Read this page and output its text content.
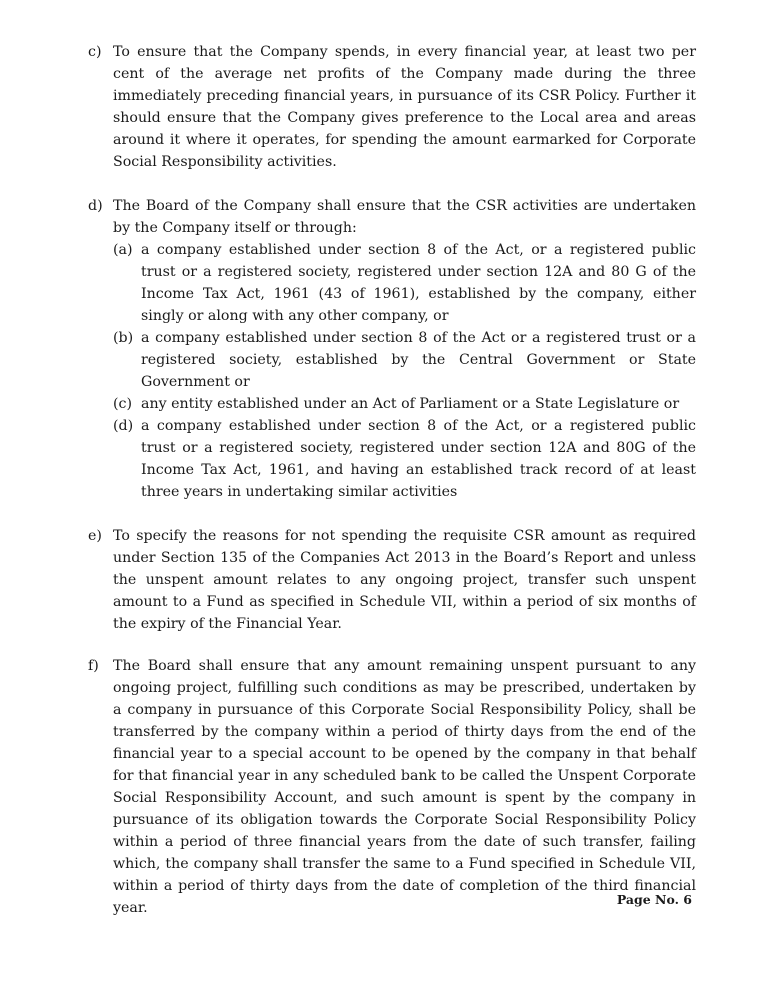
c) To ensure that the Company spends, in every financial year, at least two per cent of the average net profits of the Company made during the three immediately preceding financial years, in pursuance of its CSR Policy. Further it should ensure that the Company gives preference to the Local area and areas around it where it operates, for spending the amount earmarked for Corporate Social Responsibility activities.
d) The Board of the Company shall ensure that the CSR activities are undertaken by the Company itself or through:
(a) a company established under section 8 of the Act, or a registered public trust or a registered society, registered under section 12A and 80 G of the Income Tax Act, 1961 (43 of 1961), established by the company, either singly or along with any other company, or
(b) a company established under section 8 of the Act or a registered trust or a registered society, established by the Central Government or State Government or
(c) any entity established under an Act of Parliament or a State Legislature or
(d) a company established under section 8 of the Act, or a registered public trust or a registered society, registered under section 12A and 80G of the Income Tax Act, 1961, and having an established track record of at least three years in undertaking similar activities
e) To specify the reasons for not spending the requisite CSR amount as required under Section 135 of the Companies Act 2013 in the Board’s Report and unless the unspent amount relates to any ongoing project, transfer such unspent amount to a Fund as specified in Schedule VII, within a period of six months of the expiry of the Financial Year.
f) The Board shall ensure that any amount remaining unspent pursuant to any ongoing project, fulfilling such conditions as may be prescribed, undertaken by a company in pursuance of this Corporate Social Responsibility Policy, shall be transferred by the company within a period of thirty days from the end of the financial year to a special account to be opened by the company in that behalf for that financial year in any scheduled bank to be called the Unspent Corporate Social Responsibility Account, and such amount is spent by the company in pursuance of its obligation towards the Corporate Social Responsibility Policy within a period of three financial years from the date of such transfer, failing which, the company shall transfer the same to a Fund specified in Schedule VII, within a period of thirty days from the date of completion of the third financial year.
Page No. 6
